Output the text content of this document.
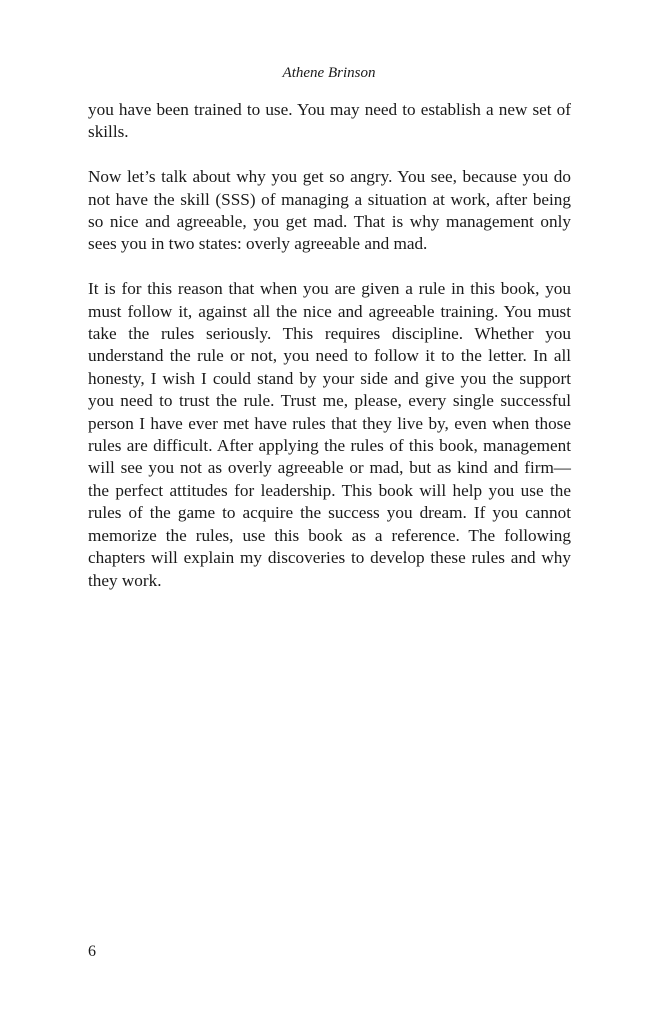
Athene Brinson

you have been trained to use. You may need to establish a new set of skills.

Now let’s talk about why you get so angry. You see, because you do not have the skill (SSS) of managing a situation at work, after being so nice and agreeable, you get mad. That is why management only sees you in two states: overly agreeable and mad.

It is for this reason that when you are given a rule in this book, you must follow it, against all the nice and agreeable training. You must take the rules seriously. This requires discipline. Whether you understand the rule or not, you need to follow it to the letter. In all honesty, I wish I could stand by your side and give you the support you need to trust the rule. Trust me, please, every single successful person I have ever met have rules that they live by, even when those rules are difficult. After applying the rules of this book, management will see you not as overly agreeable or mad, but as kind and firm—the perfect attitudes for leadership. This book will help you use the rules of the game to acquire the success you dream. If you cannot memorize the rules, use this book as a reference. The following chapters will explain my discoveries to develop these rules and why they work.

6
